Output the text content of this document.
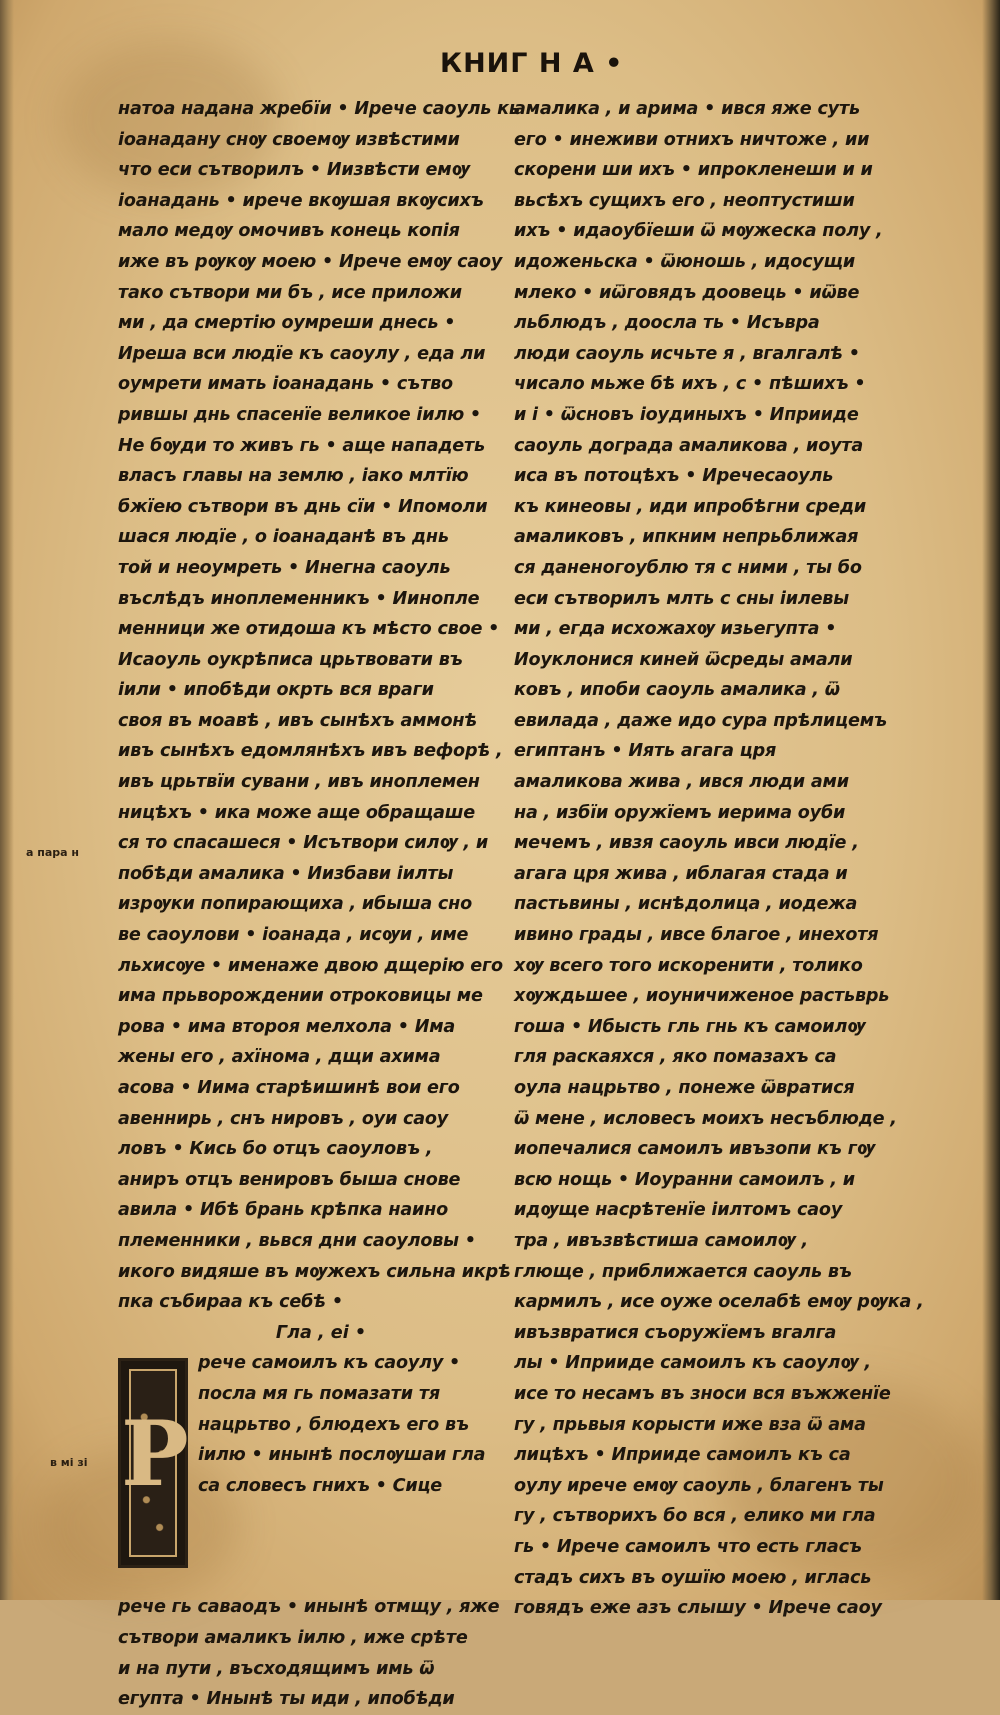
КНИГ Н А •
натоа надана жребїи • Ирече саоуль кь
іоанадану снѹ своемѹ извѣстими
что еси сътворилъ • Иизвѣсти емѹ
іоанадань • ирече вкѹшая вкѹсихъ
мало медѹ омочивъ конець копія
иже въ рѹкѹ моею • Ирече емѹ саоу
тако сътвори ми бъ , исе приложи
ми , да смертію оумреши днесь •
Иреша вси людїе къ саоулу , еда ли
оумрети имать іоанадань • сътво
рившы днь спасенїе великое іилю •
Не бѹди то живъ гь • аще нападеть
власъ главы на землю , іако млтїю
бжїею сътвори въ днь сїи • Ипомоли
шася людїе , о іоанаданѣ въ днь
той и неоумреть • Инегна саоуль
въслѣдъ иноплеменникъ • Иинопле
менници же отидоша къ мѣсто свое •
Исаоуль оукрѣписа црьтвовати въ
іили • ипобѣди окрть вся враги
своя въ моавѣ , ивъ сынѣхъ аммонѣ
ивъ сынѣхъ едомлянѣхъ ивъ вефорѣ ,
ивъ црьтвїи сувани , ивъ иноплемен
ницѣхъ • ика може аще обращаше
ся то спасашеся • Исътвори силѹ , и
побѣди амалика • Иизбави іилты
изрѹки попирающиха , ибыша сно
ве саоулови • іоанада , исѹи , име
льхисѹе • именаже двою дщерію его
има прьворождении отроковицы ме
рова • има второя мелхола • Има
жены его , ахїнома , дщи ахима
асова • Иима старѣишинѣ вои его
авеннирь , снъ нировъ , оуи саоу
ловъ • Кись бо отцъ саоуловъ ,
аниръ отцъ венировъ быша снове
авила • Ибѣ брань крѣпка наино
племенники , вьвся дни саоуловы •
икого видяше въ мѹжехъ сильна икрѣ
пка събираа къ себѣ •
Гла , еі •
Р
рече самоилъ къ саоулу •
посла мя гь помазати тя
нацрьтво , блюдехъ его въ
іилю • инынѣ послѹшаи гла
са словесъ гнихъ • Сице
рече гь саваодъ • инынѣ отмщу , яже
сътвори амаликъ іилю , иже срѣте
и на пути , въсходящимъ имь ѿ
егупта • Инынѣ ты иди , ипобѣди
амалика , и арима • ився яже суть
его • инеживи отнихъ ничтоже , ии
скорени ши ихъ • ипрокленеши и и
вьсѣхъ сущихъ его , неоптустиши
ихъ • идаоубїеши ѿ мѹжеска полу ,
идоженьска • ѿюношь , идосущи
млеко • иѿговядъ доовець • иѿве
льблюдъ , доосла ть • Исъвра
люди саоуль исчьте я , вгалгалѣ •
чисало мьже бѣ ихъ , с • пѣшихъ •
и і • ѿсновъ іоудиныхъ • Иприиде
саоуль дограда амаликова , иоута
иса въ потоцѣхъ • Иречесаоуль
къ кинеовы , иди ипробѣгни среди
амаликовъ , ипкним непрьближая
ся даненогоублю тя с ними , ты бо
еси сътворилъ млть с сны іилевы
ми , егда исхожахѹ изьегупта •
Иоуклонися киней ѿсреды амали
ковъ , ипоби саоуль амалика , ѿ
евилада , даже идо сура прѣлицемъ
египтанъ • Иять агага цря
амаликова жива , ився люди ами
на , избїи оружїемъ иерима оуби
мечемъ , ивзя саоуль ивси людїе ,
агага цря жива , иблагая стада и
пастьвины , иснѣдолица , иодежа
ивино грады , ивсе благое , инехотя
хѹ всего того искоренити , толико
хѹждьшее , иоуничиженое растьврь
гоша • Ибысть гль гнь къ самоилѹ
гля раскаяхся , яко помазахъ са
оула нацрьтво , понеже ѿвратися
ѿ мене , исловесъ моихъ несъблюде ,
иопечалися самоилъ ивъзопи къ гѹ
всю нощь • Иоуранни самоилъ , и
идѹще насрѣтенїе іилтомъ саоу
тра , ивъзвѣстиша самоилѹ ,
глюще , приближается саоуль въ
кармилъ , исе оуже оселабѣ емѹ рѹка ,
ивъзвратися съоружїемъ вгалга
лы • Иприиде самоилъ къ саоулѹ ,
исе то несамъ въ зноси вся въжженїе
гу , прьвыя корысти иже вза ѿ ама
лицѣхъ • Иприиде самоилъ къ са
оулу ирече емѹ саоуль , благенъ ты
гу , сътворихъ бо вся , елико ми гла
гь • Ирече самоилъ что есть гласъ
стадъ сихъ въ оушїю моею , иглась
говядъ еже азъ слышу • Ирече саоу
а пара н
в мі зі
